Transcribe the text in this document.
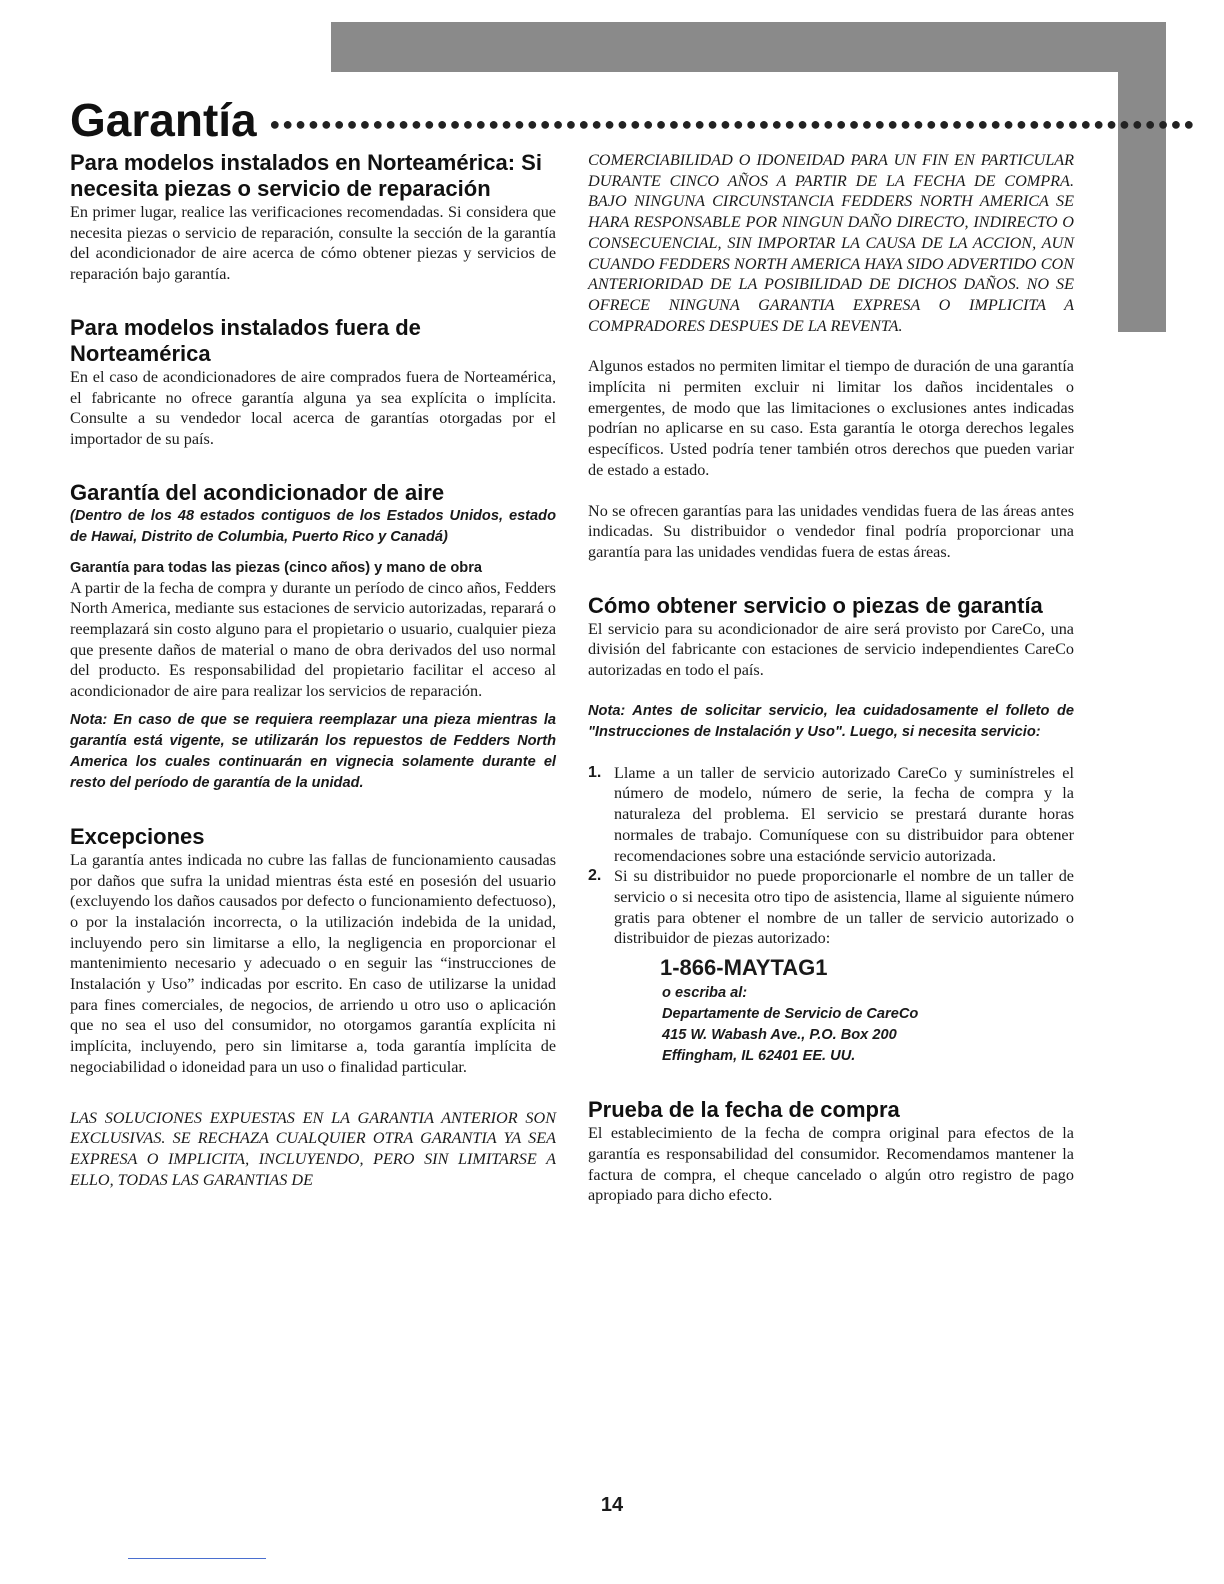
Garantía ●●●●●●●●●●●●●●●●●●●●●●●●●●●●●●●●●●●●●●●●●●●●●●●●●●●●●●●●●●●●●●●●●●●●●●●●
Para modelos instalados en Norteamérica: Si necesita piezas o servicio de reparación

En primer lugar, realice las verificaciones recomendadas. Si considera que necesita piezas o servicio de reparación, consulte la sección de la garantía del acondicionador de aire acerca de cómo obtener piezas y servicios de reparación bajo garantía.

Para modelos instalados fuera de Norteamérica

En el caso de acondicionadores de aire comprados fuera de Norteamérica, el fabricante no ofrece garantía alguna ya sea explícita o implícita. Consulte a su vendedor local acerca de garantías otorgadas por el importador de su país.

Garantía del acondicionador de aire
(Dentro de los 48 estados contiguos de los Estados Unidos, estado de Hawai, Distrito de Columbia, Puerto Rico y Canadá)
Garantía para todas las piezas (cinco años) y mano de obra

A partir de la fecha de compra y durante un período de cinco años, Fedders North America, mediante sus estaciones de servicio autorizadas, reparará o reemplazará sin costo alguno para el propietario o usuario, cualquier pieza que presente daños de material o mano de obra derivados del uso normal del producto. Es responsabilidad del propietario facilitar el acceso al acondicionador de aire para realizar los servicios de reparación.

Nota: En caso de que se requiera reemplazar una pieza mientras la garantía está vigente, se utilizarán los repuestos de Fedders North America los cuales continuarán en vignecia solamente durante el resto del período de garantía de la unidad.
Excepciones

La garantía antes indicada no cubre las fallas de funcionamiento causadas por daños que sufra la unidad mientras ésta esté en posesión del usuario (excluyendo los daños causados por defecto o funcionamiento defectuoso), o por la instalación incorrecta, o la utilización indebida de la unidad, incluyendo pero sin limitarse a ello, la negligencia en proporcionar el mantenimiento necesario y adecuado o en seguir las “instrucciones de Instalación y Uso” indicadas por escrito. En caso de utilizarse la unidad para fines comerciales, de negocios, de arriendo u otro uso o aplicación que no sea el uso del consumidor, no otorgamos garantía explícita ni implícita, incluyendo, pero sin limitarse a, toda garantía implícita de negociabilidad o idoneidad para un uso o finalidad particular.

LAS SOLUCIONES EXPUESTAS EN LA GARANTIA ANTERIOR SON EXCLUSIVAS. SE RECHAZA CUALQUIER OTRA GARANTIA YA SEA EXPRESA O IMPLICITA, INCLUYENDO, PERO SIN LIMITARSE A ELLO, TODAS LAS GARANTIAS DE

COMERCIABILIDAD O IDONEIDAD PARA UN FIN EN PARTICULAR DURANTE CINCO AÑOS A PARTIR DE LA FECHA DE COMPRA. BAJO NINGUNA CIRCUNSTANCIA FEDDERS NORTH AMERICA SE HARA RESPONSABLE POR NINGUN DAÑO DIRECTO, INDIRECTO O CONSECUENCIAL, SIN IMPORTAR LA CAUSA DE LA ACCION, AUN CUANDO FEDDERS NORTH AMERICA HAYA SIDO ADVERTIDO CON ANTERIORIDAD DE LA POSIBILIDAD DE DICHOS DAÑOS. NO SE OFRECE NINGUNA GARANTIA EXPRESA O IMPLICITA A COMPRADORES DESPUES DE LA REVENTA.

Algunos estados no permiten limitar el tiempo de duración de una garantía implícita ni permiten excluir ni limitar los daños incidentales o emergentes, de modo que las limitaciones o exclusiones antes indicadas podrían no aplicarse en su caso. Esta garantía le otorga derechos legales específicos. Usted podría tener también otros derechos que pueden variar de estado a estado.

No se ofrecen garantías para las unidades vendidas fuera de las áreas antes indicadas. Su distribuidor o vendedor final podría proporcionar una garantía para las unidades vendidas fuera de estas áreas.

Cómo obtener servicio o piezas de garantía

El servicio para su acondicionador de aire será provisto por CareCo, una división del fabricante con estaciones de servicio independientes CareCo autorizadas en todo el país.

Nota: Antes de solicitar servicio, lea cuidadosamente el folleto de "Instrucciones de Instalación y Uso". Luego, si necesita servicio:
1. Llame a un taller de servicio autorizado CareCo y suminístreles el número de modelo, número de serie, la fecha de compra y la naturaleza del problema. El servicio se prestará durante horas normales de trabajo. Comuníquese con su distribuidor para obtener recomendaciones sobre una estacióndе servicio autorizada.
2. Si su distribuidor no puede proporcionarle el nombre de un taller de servicio o si necesita otro tipo de asistencia, llame al siguiente número gratis para obtener el nombre de un taller de servicio autorizado o distribuidor de piezas autorizado:
1-866-MAYTAG1
o escriba al:
Departamente de Servicio de CareCo
415 W. Wabash Ave., P.O. Box 200
Effingham, IL 62401 EE. UU.
Prueba de la fecha de compra

El establecimiento de la fecha de compra original para efectos de la garantía es responsabilidad del consumidor. Recomendamos mantener la factura de compra, el cheque cancelado o algún otro registro de pago apropiado para dicho efecto.

14
